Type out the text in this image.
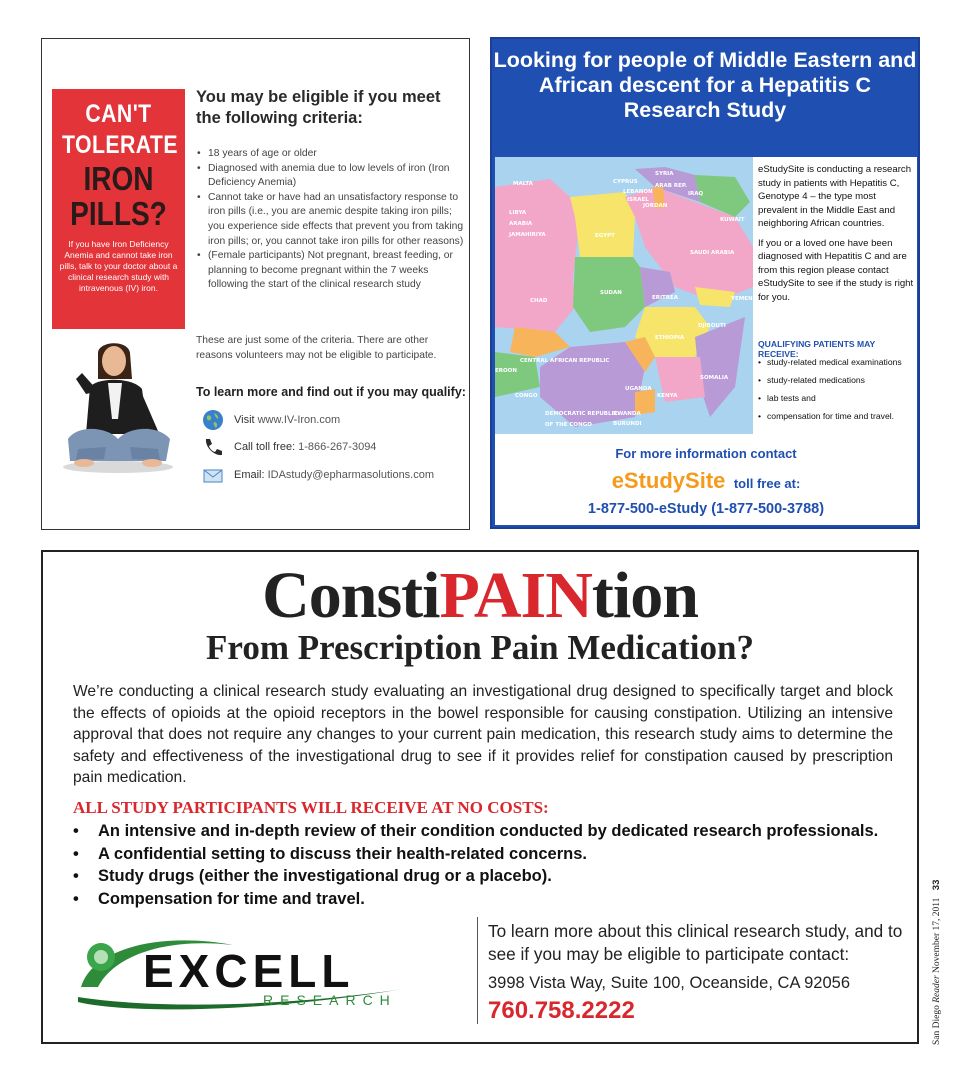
CAN'T
TOLERATE
IRON
PILLS?
If you have Iron Deficiency Anemia and cannot take iron pills, talk to your doctor about a clinical research study with intravenous (IV) iron.
You may be eligible if you meet the following criteria:
• 18 years of age or older
• Diagnosed with anemia due to low levels of iron (Iron Deficiency Anemia)
• Cannot take or have had an unsatisfactory response to iron pills (i.e., you are anemic despite taking iron pills; you experience side effects that prevent you from taking iron pills; or, you cannot take iron pills for other reasons)
• (Female participants) Not pregnant, breast feeding, or planning to become pregnant within the 7 weeks following the start of the clinical research study
These are just some of the criteria. There are other reasons volunteers may not be eligible to participate.
To learn more and find out if you may qualify:
Visit www.IV-Iron.com
Call toll free: 1-866-267-3094
Email: IDAstudy@epharmasolutions.com
Looking for people of Middle Eastern and African descent for a Hepatitis C Research Study
MALTA	CYPRUS
SYRIA
LEBANON
ARAB REP.
IRAQ
ISRAEL
JORDAN
KUWAIT
LIBYA
ARABIA
JAMAHIRIYA	EGYPT
SAUDI ARABIA
CHAD
SUDAN
ERITREA	YEMEN
DJIBOUTI
ETHIOPIA
CENTRAL AFRICAN REPUBLIC
EROON
CONGO
UGANDA
KENYA
SOMALIA
DEMOCRATIC REPUBLIC
OF THE CONGO
RWANDA
BURUNDI

eStudySite is conducting a research study in patients with Hepatitis C, Genotype 4 – the type most prevalent in the Middle East and neighboring African countries.

If you or a loved one have been diagnosed with Hepatitis C and are from this region please contact eStudySite to see if the study is right for you.

QUALIFYING PATIENTS MAY RECEIVE:
• study-related medical examinations
• study-related medications
• lab tests and
• compensation for time and travel.
For more information contact
eStudySite toll free at:
1-877-500-eStudy (1-877-500-3788)
ConstiPAINtion
From Prescription Pain Medication?
We’re conducting a clinical research study evaluating an investigational drug designed to specifically target and block the effects of opioids at the opioid receptors in the bowel responsible for causing constipation. Utilizing an intensive approval that does not require any changes to your current pain medication, this research study aims to determine the safety and effectiveness of the investigational drug to see if it provides relief for constipation caused by prescription pain medication.
ALL STUDY PARTICIPANTS WILL RECEIVE AT NO COSTS:
• An intensive and in-depth review of their condition conducted by dedicated research professionals.
• A confidential setting to discuss their health-related concerns.
• Study drugs (either the investigational drug or a placebo).
• Compensation for time and travel.
EXCELL
RESEARCH
To learn more about this clinical research study, and to see if you may be eligible to participate contact:
3998 Vista Way, Suite 100, Oceanside, CA 92056
760.758.2222	San Diego Reader November 17, 2011 33
